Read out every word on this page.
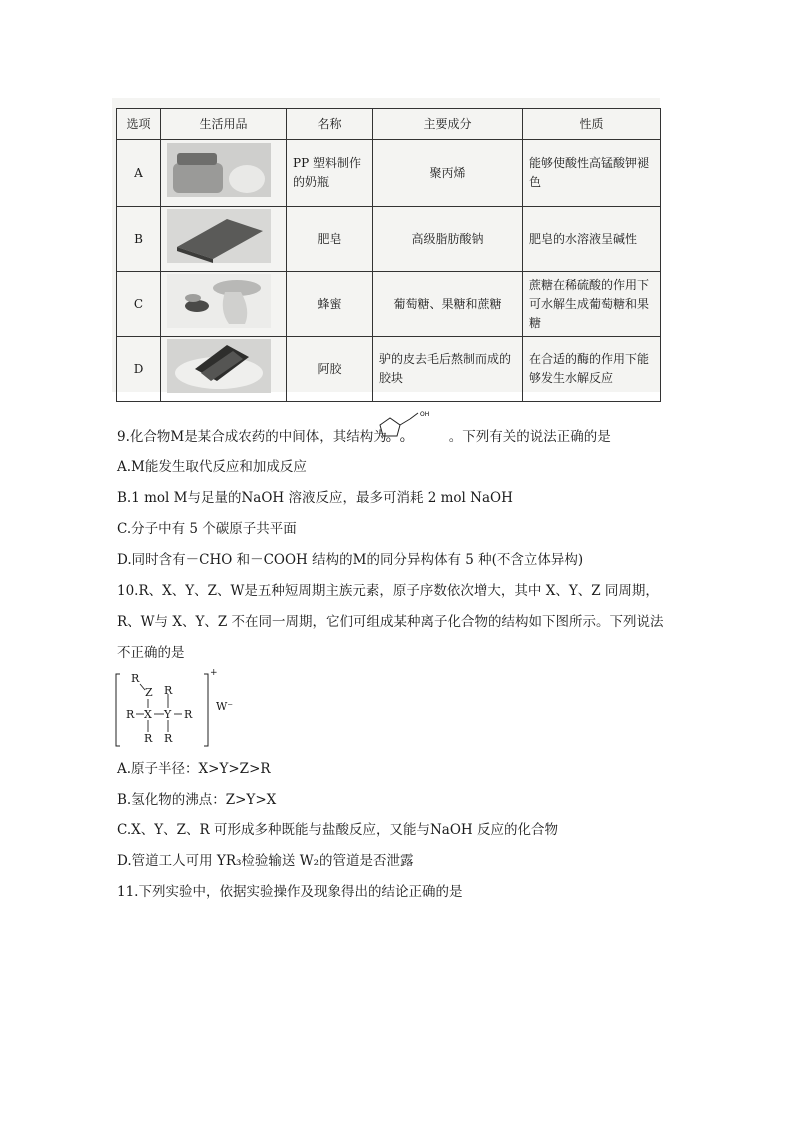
选项	生活用品	名称	主要成分	性质
A		PP 塑料制作的奶瓶	聚丙烯	能够使酸性高锰酸钾褪色
B		肥皂	高级脂肪酸钠	肥皂的水溶液呈碱性
C		蜂蜜	葡萄糖、果糖和蔗糖	蔗糖在稀硫酸的作用下可水解生成葡萄糖和果糖
D		阿胶	驴的皮去毛后熬制而成的胶块	在合适的酶的作用下能够发生水解反应
9.化合物M是某合成农药的中间体，其结构为	。下列有关的说法正确的是
OH
O O
A.M能发生取代反应和加成反应
B.1 mol M与足量的NaOH 溶液反应，最多可消耗 2 mol NaOH
C.分子中有 5 个碳原子共平面
D.同时含有－CHO 和－COOH 结构的M的同分异构体有 5 种(不含立体异构)
10.R、X、Y、Z、W是五种短周期主族元素，原子序数依次增大，其中 X、Y、Z 同周期，R、W与 X、Y、Z 不在同一周期，它们可组成某种离子化合物的结构如下图所示。下列说法不正确的是
R
Z R
R X Y R
R R
+
W⁻
A.原子半径：X>Y>Z>R
B.氢化物的沸点：Z>Y>X
C.X、Y、Z、R 可形成多种既能与盐酸反应，又能与NaOH 反应的化合物
D.管道工人可用 YR₃检验输送 W₂的管道是否泄露
11.下列实验中，依据实验操作及现象得出的结论正确的是
